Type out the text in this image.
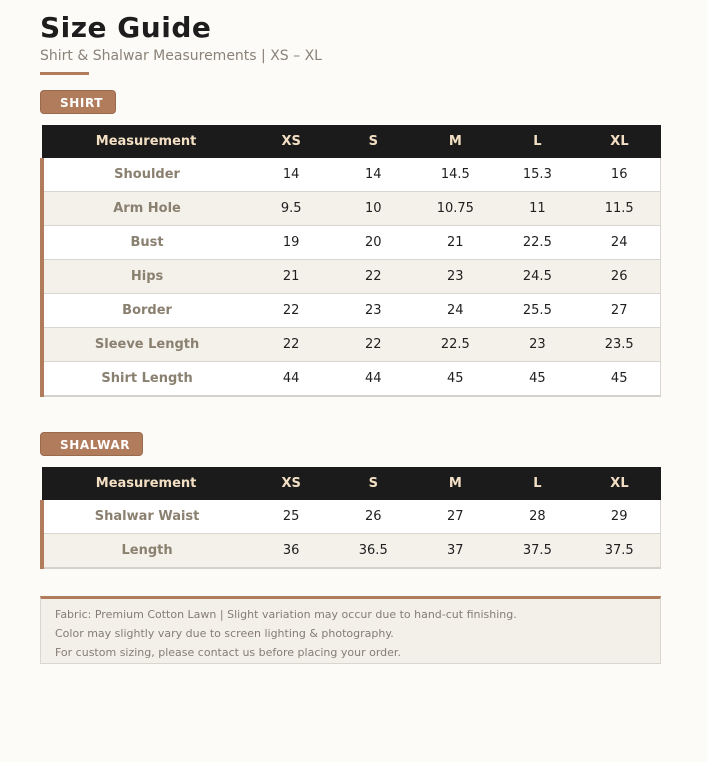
Size Guide

Shirt & Shalwar Measurements | XS – XL

SHIRT
Measurement	XS	S	M	L	XL
Shoulder	14	14	14.5	15.3	16
Arm Hole	9.5	10	10.75	11	11.5
Bust	19	20	21	22.5	24
Hips	21	22	23	24.5	26
Border	22	23	24	25.5	27
Sleeve Length	22	22	22.5	23	23.5
Shirt Length	44	44	45	45	45
SHALWAR
Measurement	XS	S	M	L	XL
Shalwar Waist	25	26	27	28	29
Length	36	36.5	37	37.5	37.5

Fabric: Premium Cotton Lawn | Slight variation may occur due to hand-cut finishing.

Color may slightly vary due to screen lighting & photography.

For custom sizing, please contact us before placing your order.
